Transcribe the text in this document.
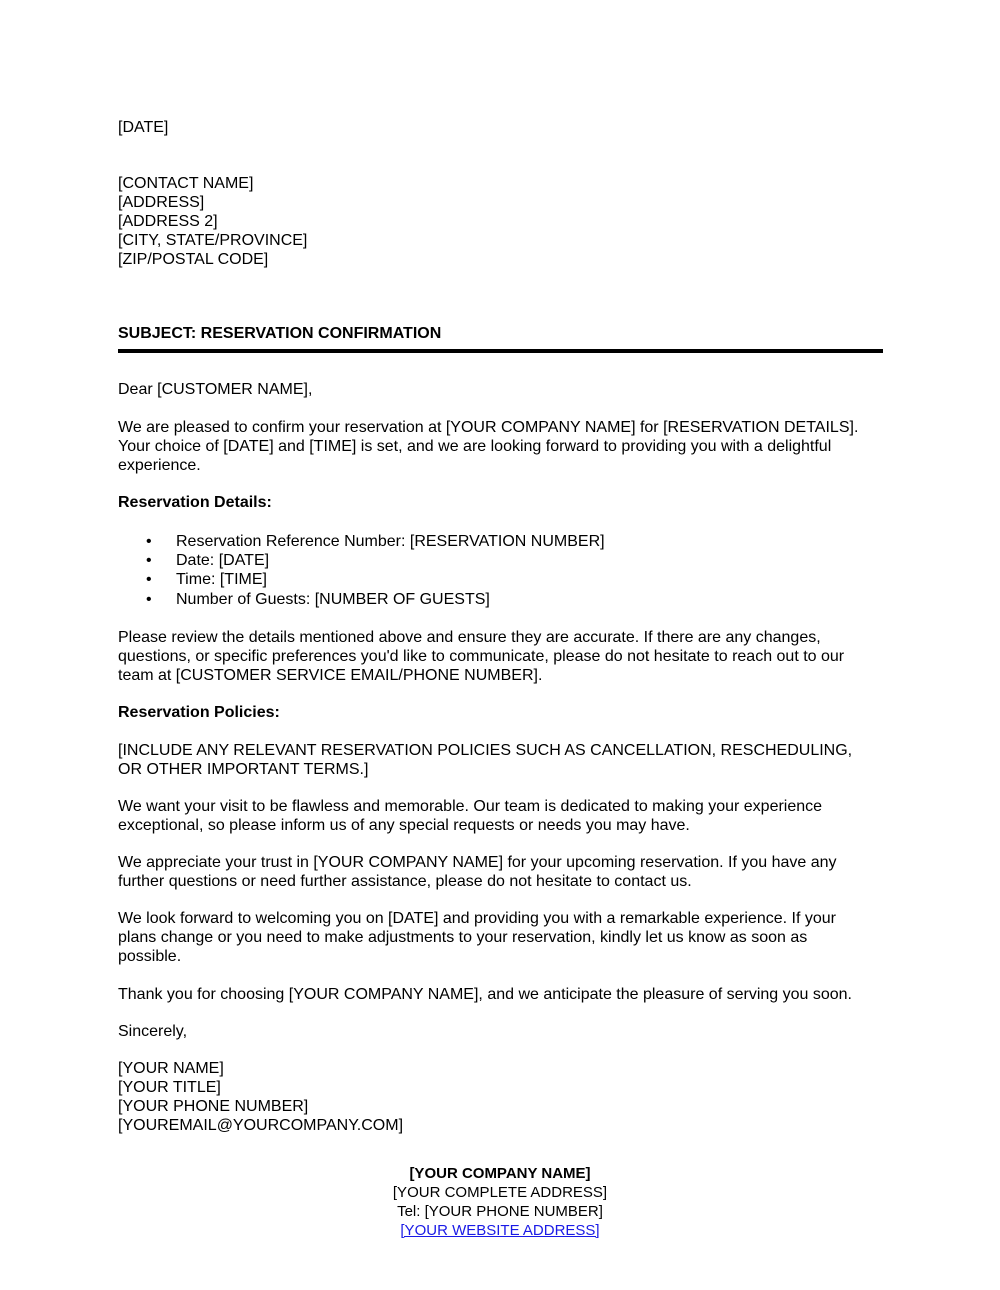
[DATE]
[CONTACT NAME]
[ADDRESS]
[ADDRESS 2]
[CITY, STATE/PROVINCE]
[ZIP/POSTAL CODE]
SUBJECT: RESERVATION CONFIRMATION
Dear [CUSTOMER NAME],
We are pleased to confirm your reservation at [YOUR COMPANY NAME] for [RESERVATION DETAILS].
Your choice of [DATE] and [TIME] is set, and we are looking forward to providing you with a delightful
experience.
Reservation Details:
• Reservation Reference Number: [RESERVATION NUMBER]
• Date: [DATE]
• Time: [TIME]
• Number of Guests: [NUMBER OF GUESTS]
Please review the details mentioned above and ensure they are accurate. If there are any changes,
questions, or specific preferences you'd like to communicate, please do not hesitate to reach out to our
team at [CUSTOMER SERVICE EMAIL/PHONE NUMBER].
Reservation Policies:
[INCLUDE ANY RELEVANT RESERVATION POLICIES SUCH AS CANCELLATION, RESCHEDULING,
OR OTHER IMPORTANT TERMS.]
We want your visit to be flawless and memorable. Our team is dedicated to making your experience
exceptional, so please inform us of any special requests or needs you may have.
We appreciate your trust in [YOUR COMPANY NAME] for your upcoming reservation. If you have any
further questions or need further assistance, please do not hesitate to contact us.
We look forward to welcoming you on [DATE] and providing you with a remarkable experience. If your
plans change or you need to make adjustments to your reservation, kindly let us know as soon as
possible.
Thank you for choosing [YOUR COMPANY NAME], and we anticipate the pleasure of serving you soon.
Sincerely,
[YOUR NAME]
[YOUR TITLE]
[YOUR PHONE NUMBER]
[YOUREMAIL@YOURCOMPANY.COM]
[YOUR COMPANY NAME]
[YOUR COMPLETE ADDRESS]
Tel: [YOUR PHONE NUMBER]
[YOUR WEBSITE ADDRESS]
